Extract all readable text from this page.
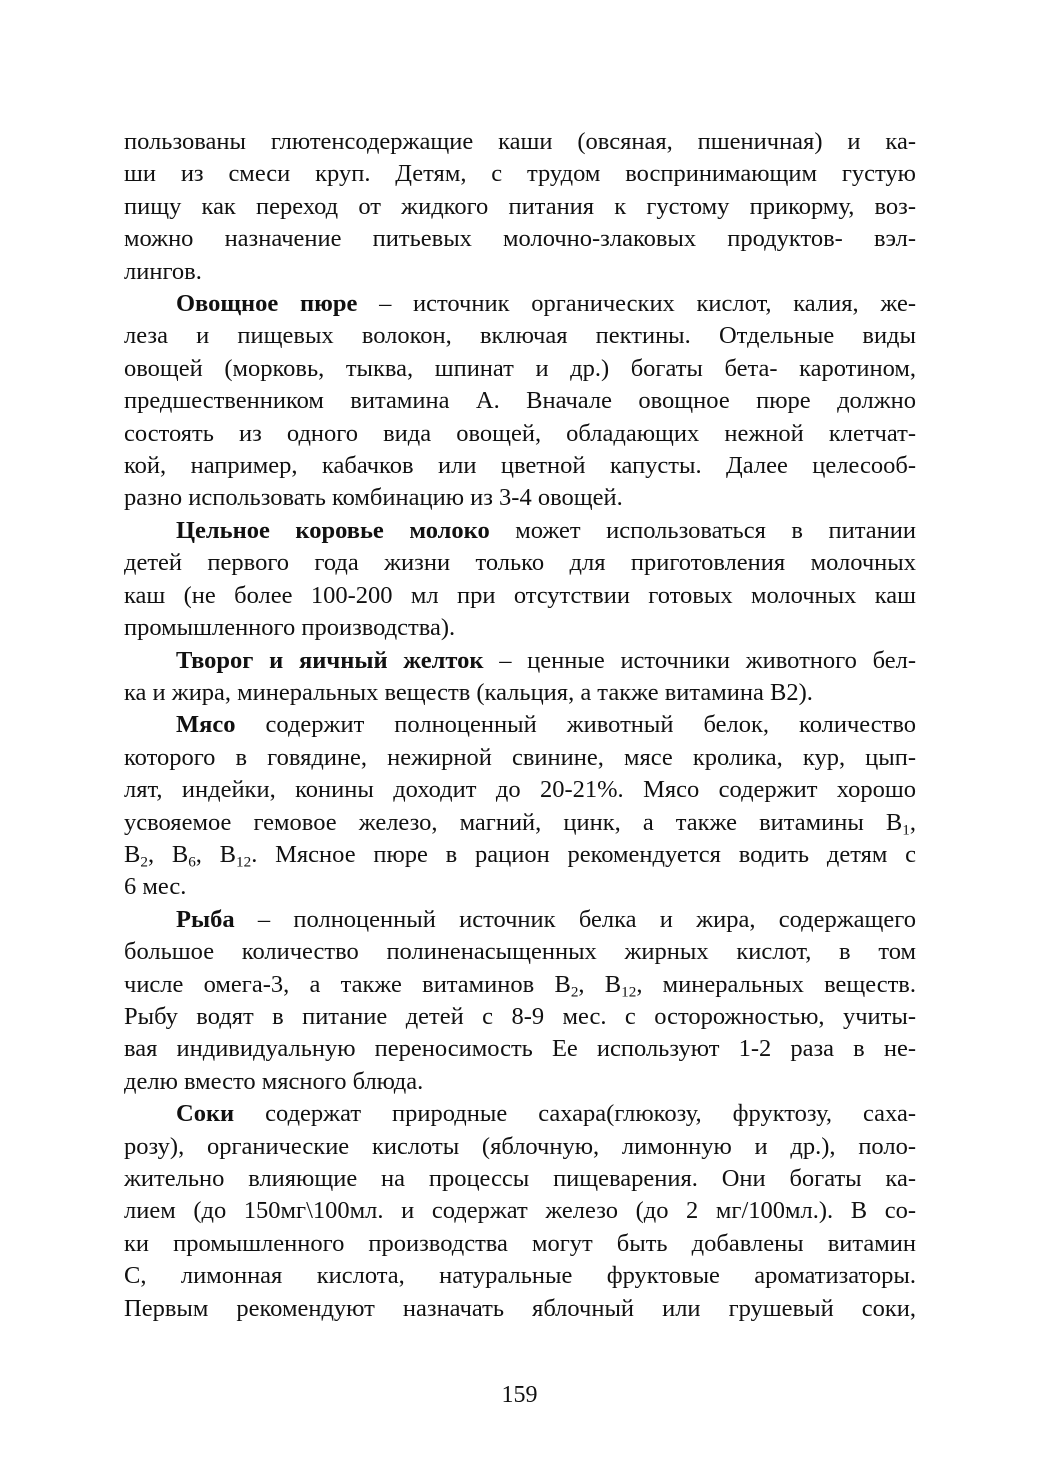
пользованы глютенсодержащие каши (овсяная, пшеничная) и ка-
ши из смеси круп. Детям, с трудом воспринимающим густую
пищу как переход от жидкого питания к густому прикорму, воз-
можно назначение питьевых молочно-злаковых продуктов- вэл-
лингов.
Овощное пюре – источник органических кислот, калия, же-
леза и пищевых волокон, включая пектины. Отдельные виды
овощей (морковь, тыква, шпинат и др.) богаты бета- каротином,
предшественником витамина А. Вначале овощное пюре должно
состоять из одного вида овощей, обладающих нежной клетчат-
кой, например, кабачков или цветной капусты. Далее целесооб-
разно использовать комбинацию из 3-4 овощей.
Цельное коровье молоко может использоваться в питании
детей первого года жизни только для приготовления молочных
каш (не более 100-200 мл при отсутствии готовых молочных каш
промышленного производства).
Творог и яичный желток – ценные источники животного бел-
ка и жира, минеральных веществ (кальция, а также витамина В2).
Мясо содержит полноценный животный белок, количество
которого в говядине, нежирной свинине, мясе кролика, кур, цып-
лят, индейки, конины доходит до 20-21%. Мясо содержит хорошо
усвояемое гемовое железо, магний, цинк, а также витамины $В_1$,
$В_2$, $В_6$, $В_{12}$. Мясное пюре в рацион рекомендуется водить детям с
6 мес.
Рыба – полноценный источник белка и жира, содержащего
большое количество полиненасыщенных жирных кислот, в том
числе омега-3, а также витаминов $В_2$, $В_{12}$, минеральных веществ.
Рыбу водят в питание детей с 8-9 мес. с осторожностью, учиты-
вая индивидуальную переносимость Ее используют 1-2 раза в не-
делю вместо мясного блюда.
Соки содержат природные сахара(глюкозу, фруктозу, саха-
розу), органические кислоты (яблочную, лимонную и др.), поло-
жительно влияющие на процессы пищеварения. Они богаты ка-
лием (до 150мг\100мл. и содержат железо (до 2 мг/100мл.). В со-
ки промышленного производства могут быть добавлены витамин
С, лимонная кислота, натуральные фруктовые ароматизаторы.
Первым рекомендуют назначать яблочный или грушевый соки,
159
